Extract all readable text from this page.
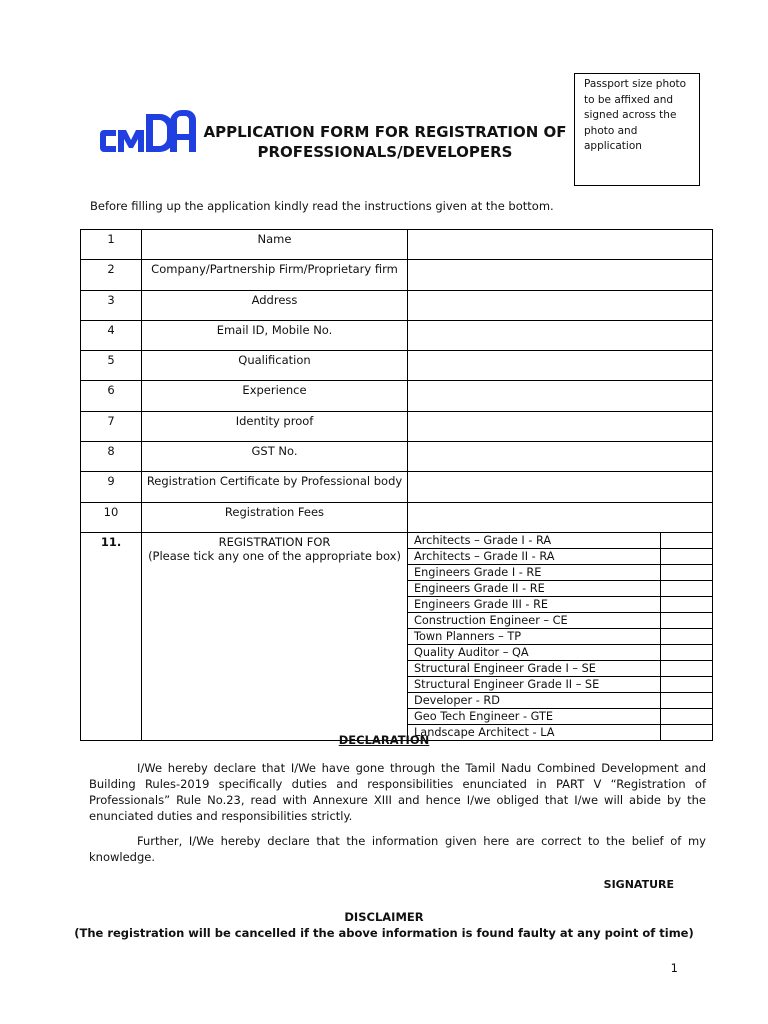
APPLICATION FORM FOR REGISTRATION OF
PROFESSIONALS/DEVELOPERS
Passport size photo to be affixed and signed across the photo and application
Before filling up the application kindly read the instructions given at the bottom.
1	Name	
2	Company/Partnership Firm/Proprietary firm	
3	Address	
4	Email ID, Mobile No.	
5	Qualification	
6	Experience	
7	Identity proof	
8	GST No.	
9	Registration Certificate by Professional body	
10	Registration Fees	
11.	REGISTRATION FOR
(Please tick any one of the appropriate box)

Architects – Grade I - RA	
Architects – Grade II - RA	
Engineers Grade I - RE	
Engineers Grade II - RE	
Engineers Grade III - RE	
Construction Engineer – CE	
Town Planners – TP	
Quality Auditor – QA	
Structural Engineer Grade I – SE	
Structural Engineer Grade II – SE	
Developer - RD	
Geo Tech Engineer - GTE	
Landscape Architect - LA	
DECLARATION
I/We hereby declare that I/We have gone through the Tamil Nadu Combined Development and Building Rules-2019 specifically duties and responsibilities enunciated in PART V “Registration of Professionals” Rule No.23, read with Annexure XIII and hence I/we obliged that I/we will abide by the enunciated duties and responsibilities strictly.
Further, I/We hereby declare that the information given here are correct to the belief of my knowledge.
SIGNATURE
DISCLAIMER
(The registration will be cancelled if the above information is found faulty at any point of time)
1
